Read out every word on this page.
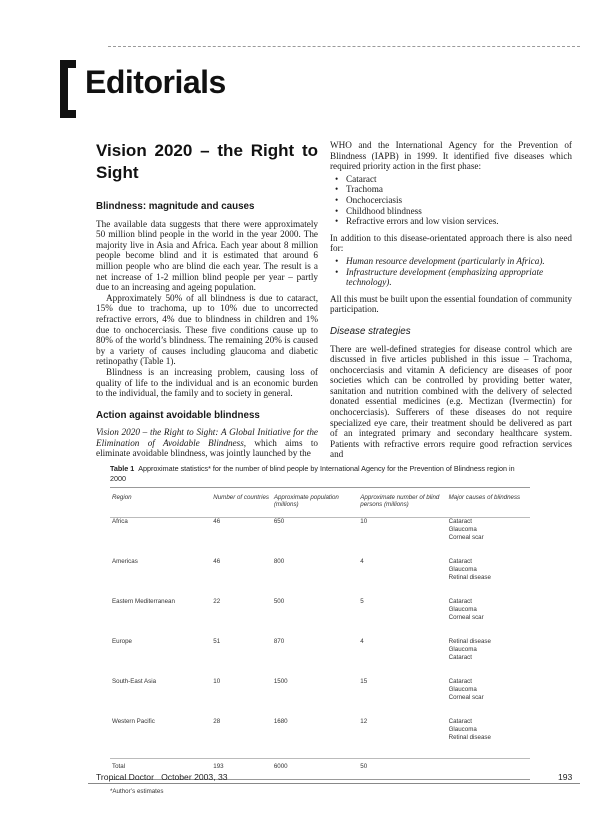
Editorials
Vision 2020 – the Right to Sight
Blindness: magnitude and causes

The available data suggests that there were approximately 50 million blind people in the world in the year 2000. The majority live in Asia and Africa. Each year about 8 million people become blind and it is estimated that around 6 million people who are blind die each year. The result is a net increase of 1-2 million blind people per year – partly due to an increasing and ageing population.

Approximately 50% of all blindness is due to cataract, 15% due to trachoma, up to 10% due to uncorrected refractive errors, 4% due to blindness in children and 1% due to onchocerciasis. These five conditions cause up to 80% of the world’s blindness. The remaining 20% is caused by a variety of causes including glaucoma and diabetic retinopathy (Table 1).

Blindness is an increasing problem, causing loss of quality of life to the individual and is an economic burden to the individual, the family and to society in general.

Action against avoidable blindness

Vision 2020 – the Right to Sight: A Global Initiative for the Elimination of Avoidable Blindness, which aims to eliminate avoidable blindness, was jointly launched by the

WHO and the International Agency for the Prevention of Blindness (IAPB) in 1999. It identified five diseases which required priority action in the first phase:

• Cataract
• Trachoma
• Onchocerciasis
• Childhood blindness
• Refractive errors and low vision services.

In addition to this disease-orientated approach there is also need for:

• Human resource development (particularly in Africa).
• Infrastructure development (emphasizing appropriate technology).

All this must be built upon the essential foundation of community participation.

Disease strategies

There are well-defined strategies for disease control which are discussed in five articles published in this issue – Trachoma, onchocerciasis and vitamin A deficiency are diseases of poor societies which can be controlled by providing better water, sanitation and nutrition combined with the delivery of selected donated essential medicines (e.g. Mectizan (Ivermectin) for onchocerciasis). Sufferers of these diseases do not require specialized eye care, their treatment should be delivered as part of an integrated primary and secondary healthcare system. Patients with refractive errors require good refraction services and

Table 1 Approximate statistics* for the number of blind people by International Agency for the Prevention of Blindness region in 2000
Region	Number of countries	Approximate population (millions)	Approximate number of blind persons (millions)	Major causes of blindness
Africa	46	650	10	Cataract
Glaucoma
Corneal scar

Americas	46	800	4	Cataract
Glaucoma
Retinal disease

Eastern Mediterranean	22	500	5	Cataract
Glaucoma
Corneal scar

Europe	51	870	4	Retinal disease
Glaucoma
Cataract

South-East Asia	10	1500	15	Cataract
Glaucoma
Corneal scar

Western Pacific	28	1680	12	Cataract
Glaucoma
Retinal disease

Total	193	6000	50	
*Author’s estimates
Tropical Doctor October 2003, 33	193
